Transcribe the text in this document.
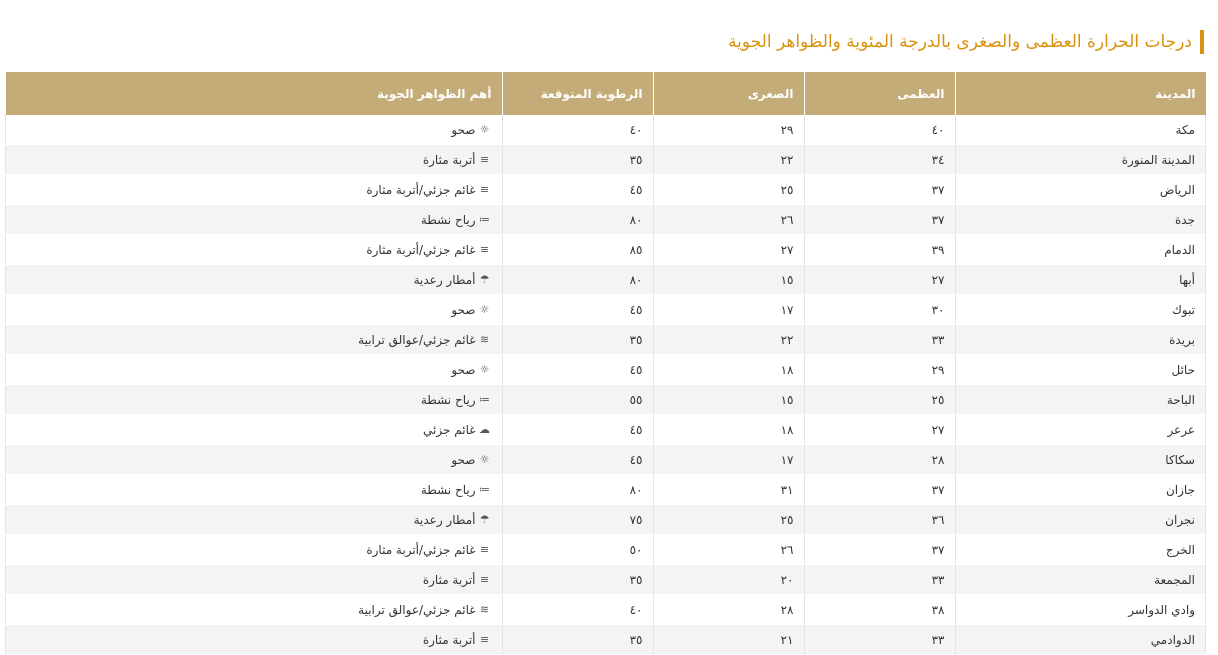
درجات الحرارة العظمى والصغرى بالدرجة المئوية والظواهر الجوية
المدينة	العظمى	الصغرى	الرطوبة المتوقعة	أهم الظواهر الجوية
مكة	٤٠	٢٩	٤٠	☼
صحو

المدينة المنورة	٣٤	٢٢	٣٥	≡
أتربة مثارة

الرياض	٣٧	٢٥	٤٥	≡
غائم جزئي/أتربة مثارة

جدة	٣٧	٢٦	٨٠	≕
رياح نشطة

الدمام	٣٩	٢٧	٨٥	≡
غائم جزئي/أتربة مثارة

أبها	٢٧	١٥	٨٠	☂
أمطار رعدية

تبوك	٣٠	١٧	٤٥	☼
صحو

بريدة	٣٣	٢٢	٣٥	≋
غائم جزئي/عوالق ترابية

حائل	٢٩	١٨	٤٥	☼
صحو

الباحة	٢٥	١٥	٥٥	≕
رياح نشطة

عرعر	٢٧	١٨	٤٥	☁
غائم جزئي

سكاكا	٢٨	١٧	٤٥	☼
صحو

جازان	٣٧	٣١	٨٠	≕
رياح نشطة

نجران	٣٦	٢٥	٧٥	☂
أمطار رعدية

الخرج	٣٧	٢٦	٥٠	≡
غائم جزئي/أتربة مثارة

المجمعة	٣٣	٢٠	٣٥	≡
أتربة مثارة

وادي الدواسر	٣٨	٢٨	٤٠	≋
غائم جزئي/عوالق ترابية

الدوادمي	٣٣	٢١	٣٥	≡
أتربة مثارة
